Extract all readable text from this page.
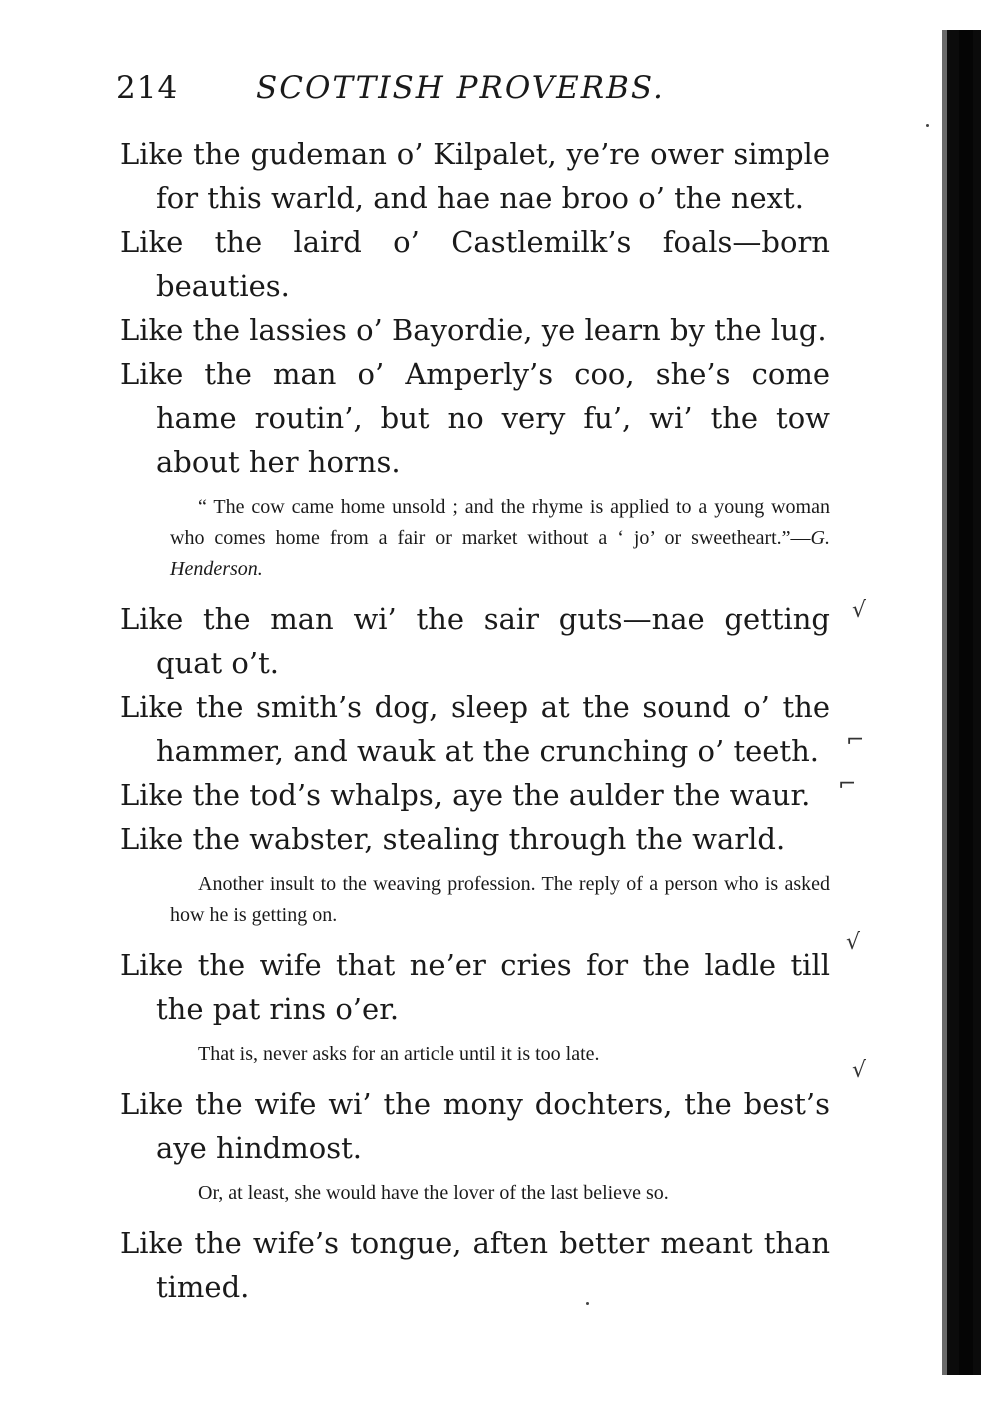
214	SCOTTISH PROVERBS.

Like the gudeman o’ Kilpalet, ye’re ower simple for this warld, and hae nae broo o’ the next.

Like the laird o’ Castlemilk’s foals—born beauties.

Like the lassies o’ Bayordie, ye learn by the lug.

Like the man o’ Amperly’s coo, she’s come hame routin’, but no very fu’, wi’ the tow about her horns.

“ The cow came home unsold ; and the rhyme is applied to a young woman who comes home from a fair or market without a ‘ jo’ or sweetheart.”—G. Henderson.

Like the man wi’ the sair guts—nae getting quat o’t.

Like the smith’s dog, sleep at the sound o’ the hammer, and wauk at the crunching o’ teeth.

Like the tod’s whalps, aye the aulder the waur.

Like the wabster, stealing through the warld.

Another insult to the weaving profession. The reply of a person who is asked how he is getting on.

Like the wife that ne’er cries for the ladle till the pat rins o’er.

That is, never asks for an article until it is too late.

Like the wife wi’ the mony dochters, the best’s aye hindmost.

Or, at least, she would have the lover of the last believe so.

Like the wife’s tongue, aften better meant than timed.

√
⌐
⌐
√
√
